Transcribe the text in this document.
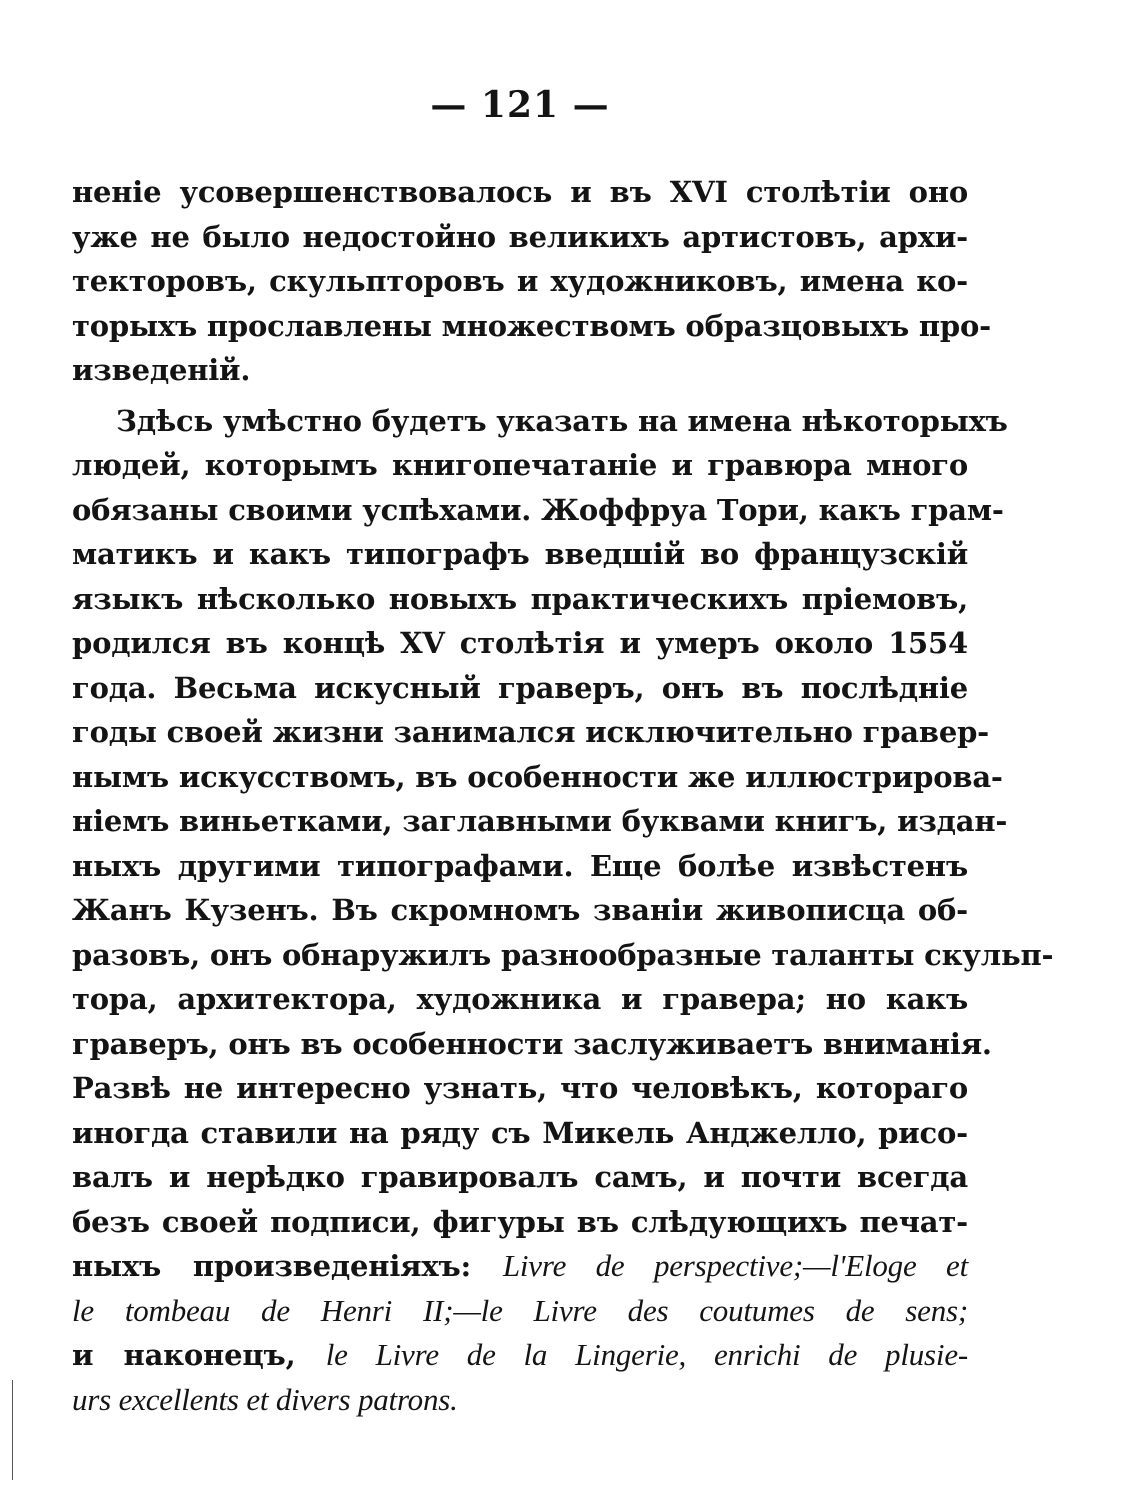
— 121 —
неніе усовершенствовалось и въ XVI столѣтіи оно
уже не было недостойно великихъ артистовъ, архи-
текторовъ, скульпторовъ и художниковъ, имена ко-
торыхъ прославлены множествомъ образцовыхъ про-
изведеній.
Здѣсь умѣстно будетъ указать на имена нѣкоторыхъ
людей, которымъ книгопечатаніе и гравюра много
обязаны своими успѣхами. Жоффруа Тори, какъ грам-
матикъ и какъ типографъ введшій во французскій
языкъ нѣсколько новыхъ практическихъ пріемовъ,
родился въ концѣ XV столѣтія и умеръ около 1554
года. Весьма искусный граверъ, онъ въ послѣдніе
годы своей жизни занимался исключительно гравер-
нымъ искусствомъ, въ особенности же иллюстрирова-
ніемъ виньетками, заглавными буквами книгъ, издан-
ныхъ другими типографами. Еще болѣе извѣстенъ
Жанъ Кузенъ. Въ скромномъ званіи живописца об-
разовъ, онъ обнаружилъ разнообразные таланты скульп-
тора, архитектора, художника и гравера; но какъ
граверъ, онъ въ особенности заслуживаетъ вниманія.
Развѣ не интересно узнать, что человѣкъ, котораго
иногда ставили на ряду съ Микель Анджелло, рисо-
валъ и нерѣдко гравировалъ самъ, и почти всегда
безъ своей подписи, фигуры въ слѣдующихъ печат-
ныхъ произведеніяхъ: Livre de perspective;—l'Eloge et
le tombeau de Henri II;—le Livre des coutumes de sens;
и наконецъ, le Livre de la Lingerie, enrichi de plusie-
urs excellents et divers patrons.
